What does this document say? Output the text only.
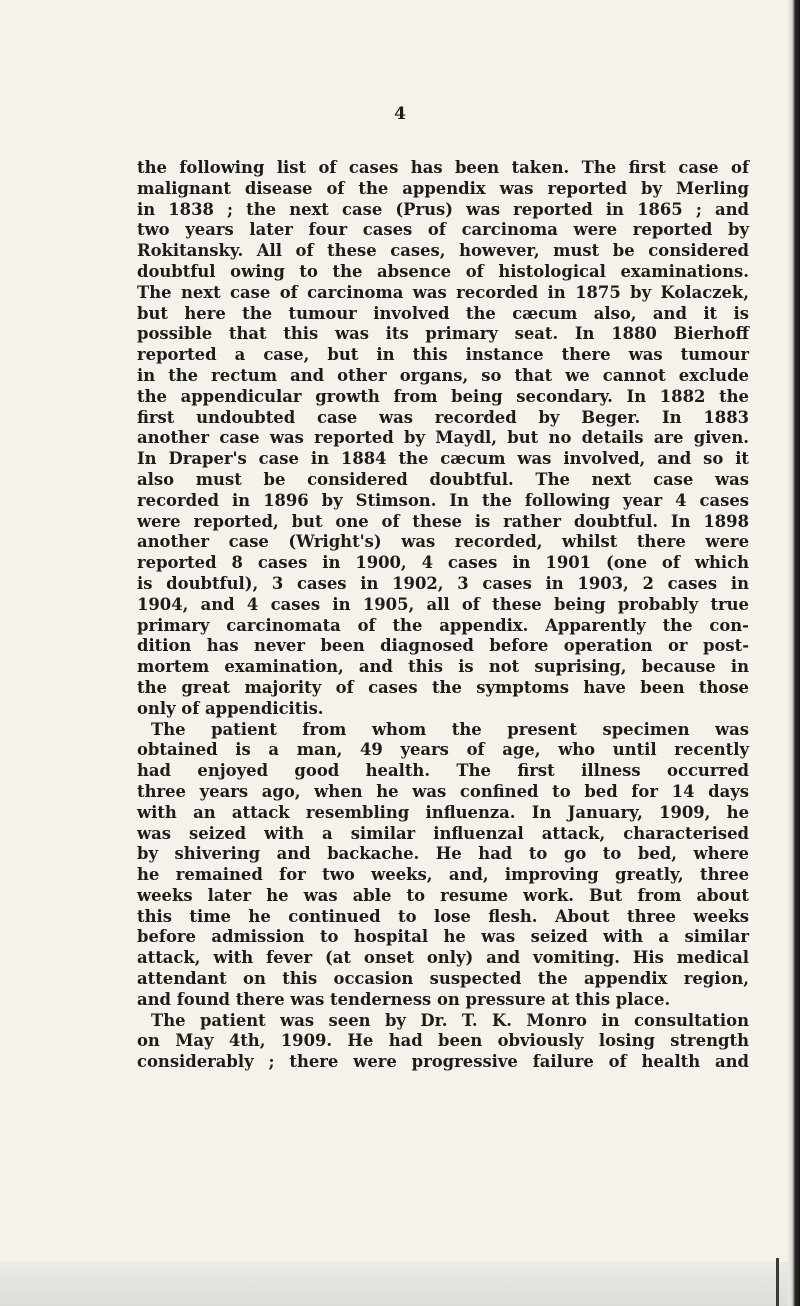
4
the following list of cases has been taken. The first case of
malignant disease of the appendix was reported by Merling
in 1838 ; the next case (Prus) was reported in 1865 ; and
two years later four cases of carcinoma were reported by
Rokitansky. All of these cases, however, must be considered
doubtful owing to the absence of histological examinations.
The next case of carcinoma was recorded in 1875 by Kolaczek,
but here the tumour involved the cæcum also, and it is
possible that this was its primary seat. In 1880 Bierhoff
reported a case, but in this instance there was tumour
in the rectum and other organs, so that we cannot exclude
the appendicular growth from being secondary. In 1882 the
first undoubted case was recorded by Beger. In 1883
another case was reported by Maydl, but no details are given.
In Draper's case in 1884 the cæcum was involved, and so it
also must be considered doubtful. The next case was
recorded in 1896 by Stimson. In the following year 4 cases
were reported, but one of these is rather doubtful. In 1898
another case (Wright's) was recorded, whilst there were
reported 8 cases in 1900, 4 cases in 1901 (one of which
is doubtful), 3 cases in 1902, 3 cases in 1903, 2 cases in
1904, and 4 cases in 1905, all of these being probably true
primary carcinomata of the appendix. Apparently the con-
dition has never been diagnosed before operation or post-
mortem examination, and this is not suprising, because in
the great majority of cases the symptoms have been those
only of appendicitis.
The patient from whom the present specimen was
obtained is a man, 49 years of age, who until recently
had enjoyed good health. The first illness occurred
three years ago, when he was confined to bed for 14 days
with an attack resembling influenza. In January, 1909, he
was seized with a similar influenzal attack, characterised
by shivering and backache. He had to go to bed, where
he remained for two weeks, and, improving greatly, three
weeks later he was able to resume work. But from about
this time he continued to lose flesh. About three weeks
before admission to hospital he was seized with a similar
attack, with fever (at onset only) and vomiting. His medical
attendant on this occasion suspected the appendix region,
and found there was tenderness on pressure at this place.
The patient was seen by Dr. T. K. Monro in consultation
on May 4th, 1909. He had been obviously losing strength
considerably ; there were progressive failure of health and
